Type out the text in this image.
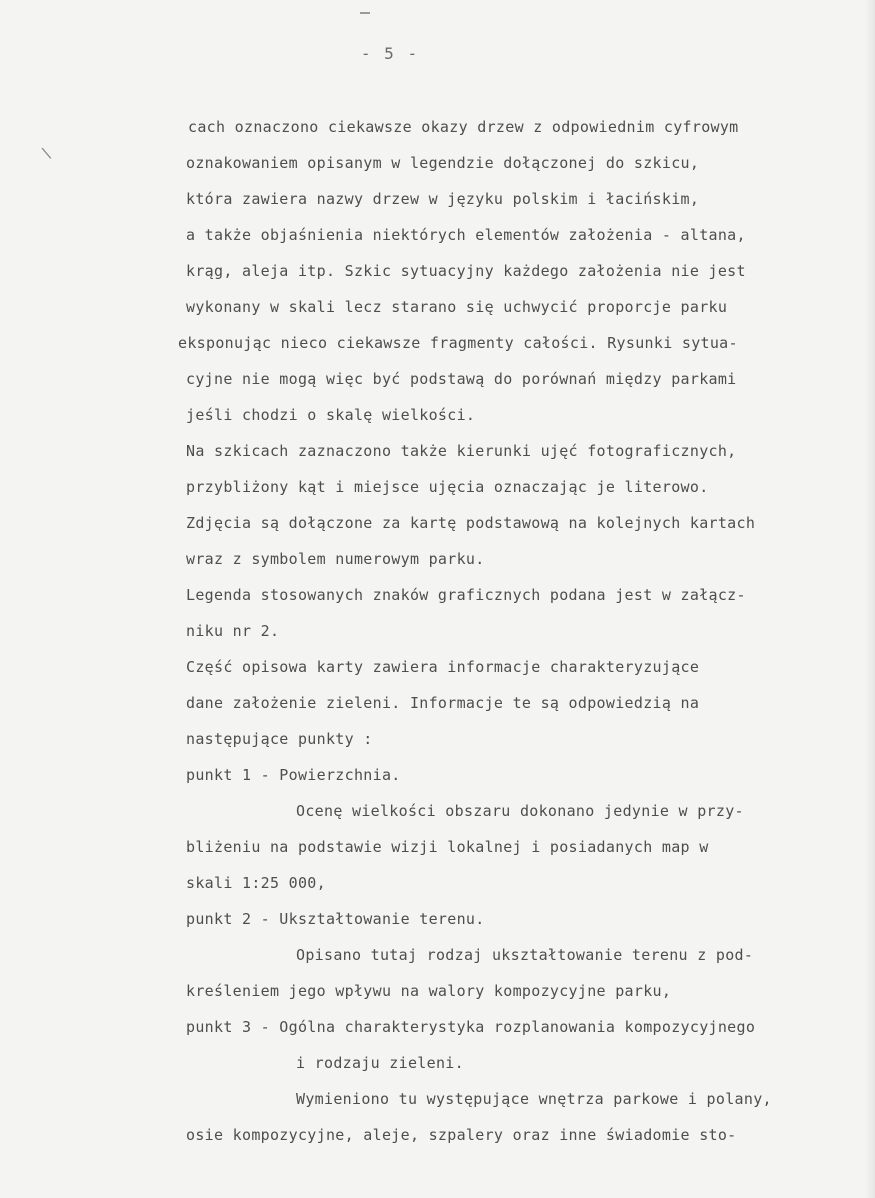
- 5 -
\
cach oznaczono ciekawsze okazy drzew z odpowiednim cyfrowym
oznakowaniem opisanym w legendzie dołączonej do szkicu,
która zawiera nazwy drzew w języku polskim i łacińskim,
a także objaśnienia niektórych elementów założenia - altana,
krąg, aleja itp. Szkic sytuacyjny każdego założenia nie jest
wykonany w skali lecz starano się uchwycić proporcje parku
eksponując nieco ciekawsze fragmenty całości. Rysunki sytua-
cyjne nie mogą więc być podstawą do porównań między parkami
jeśli chodzi o skalę wielkości.
Na szkicach zaznaczono także kierunki ujęć fotograficznych,
przybliżony kąt i miejsce ujęcia oznaczając je literowo.
Zdjęcia są dołączone za kartę podstawową na kolejnych kartach
wraz z symbolem numerowym parku.
Legenda stosowanych znaków graficznych podana jest w załącz-
niku nr 2.
Część opisowa karty zawiera informacje charakteryzujące
dane założenie zieleni. Informacje te są odpowiedzią na
następujące punkty :
punkt 1 - Powierzchnia.
Ocenę wielkości obszaru dokonano jedynie w przy-
bliżeniu na podstawie wizji lokalnej i posiadanych map w
skali 1:25 000,
punkt 2 - Ukształtowanie terenu.
Opisano tutaj rodzaj ukształtowanie terenu z pod-
kreśleniem jego wpływu na walory kompozycyjne parku,
punkt 3 - Ogólna charakterystyka rozplanowania kompozycyjnego
i rodzaju zieleni.
Wymieniono tu występujące wnętrza parkowe i polany,
osie kompozycyjne, aleje, szpalery oraz inne świadomie sto-
